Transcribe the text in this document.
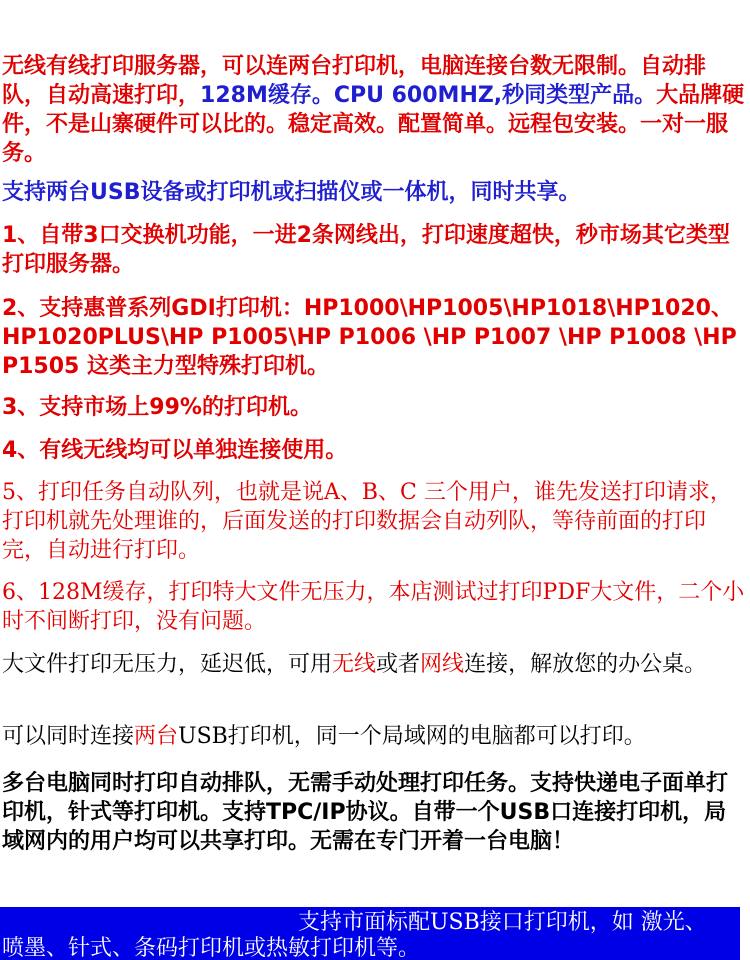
无线有线打印服务器，可以连两台打印机，电脑连接台数无限制。自动排队，自动高速打印，128M缓存。CPU 600MHZ,秒同类型产品。大品牌硬件，不是山寨硬件可以比的。稳定高效。配置简单。远程包安装。一对一服务。

支持两台USB设备或打印机或扫描仪或一体机，同时共享。

1、自带3口交换机功能，一进2条网线出，打印速度超快，秒市场其它类型打印服务器。

2、支持惠普系列GDI打印机：HP1000\HP1005\HP1018\HP1020、HP1020PLUS\HP P1005\HP P1006 \HP P1007 \HP P1008 \HP P1505 这类主力型特殊打印机。

3、支持市场上99%的打印机。

4、有线无线均可以单独连接使用。

5、打印任务自动队列，也就是说A、B、C 三个用户，谁先发送打印请求，打印机就先处理谁的，后面发送的打印数据会自动列队，等待前面的打印完，自动进行打印。

6、128M缓存，打印特大文件无压力，本店测试过打印PDF大文件，二个小时不间断打印，没有问题。

大文件打印无压力，延迟低，可用无线或者网线连接，解放您的办公桌。

可以同时连接两台USB打印机，同一个局域网的电脑都可以打印。

多台电脑同时打印自动排队，无需手动处理打印任务。支持快递电子面单打印机，针式等打印机。支持TPC/IP协议。自带一个USB口连接打印机，局域网内的用户均可以共享打印。无需在专门开着一台电脑！

支持市面标配USB接口打印机，如 激光、
喷墨、针式、条码打印机或热敏打印机等。
